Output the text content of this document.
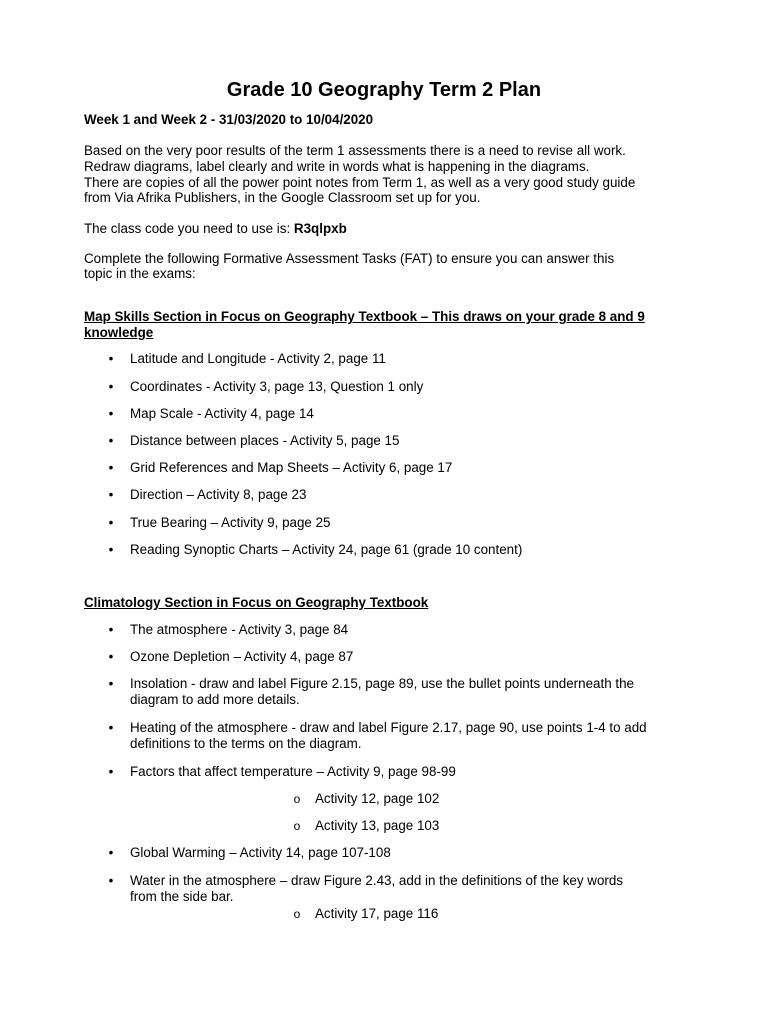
Grade 10 Geography Term 2 Plan
Week 1 and Week 2 - 31/03/2020 to 10/04/2020
Based on the very poor results of the term 1 assessments there is a need to revise all work.
Redraw diagrams, label clearly and write in words what is happening in the diagrams.
There are copies of all the power point notes from Term 1, as well as a very good study guide
from Via Afrika Publishers, in the Google Classroom set up for you.
The class code you need to use is: R3qlpxb
Complete the following Formative Assessment Tasks (FAT) to ensure you can answer this
topic in the exams:
Map Skills Section in Focus on Geography Textbook – This draws on your grade 8 and 9
knowledge
• Latitude and Longitude - Activity 2, page 11
• Coordinates - Activity 3, page 13, Question 1 only
• Map Scale - Activity 4, page 14
• Distance between places - Activity 5, page 15
• Grid References and Map Sheets – Activity 6, page 17
• Direction – Activity 8, page 23
• True Bearing – Activity 9, page 25
• Reading Synoptic Charts – Activity 24, page 61 (grade 10 content)
Climatology Section in Focus on Geography Textbook
• The atmosphere - Activity 3, page 84
• Ozone Depletion – Activity 4, page 87
• Insolation - draw and label Figure 2.15, page 89, use the bullet points underneath the
diagram to add more details.
• Heating of the atmosphere - draw and label Figure 2.17, page 90, use points 1-4 to add
definitions to the terms on the diagram.
• Factors that affect temperature – Activity 9, page 98-99
o Activity 12, page 102
o Activity 13, page 103
• Global Warming – Activity 14, page 107-108
• Water in the atmosphere – draw Figure 2.43, add in the definitions of the key words
from the side bar.
o Activity 17, page 116
